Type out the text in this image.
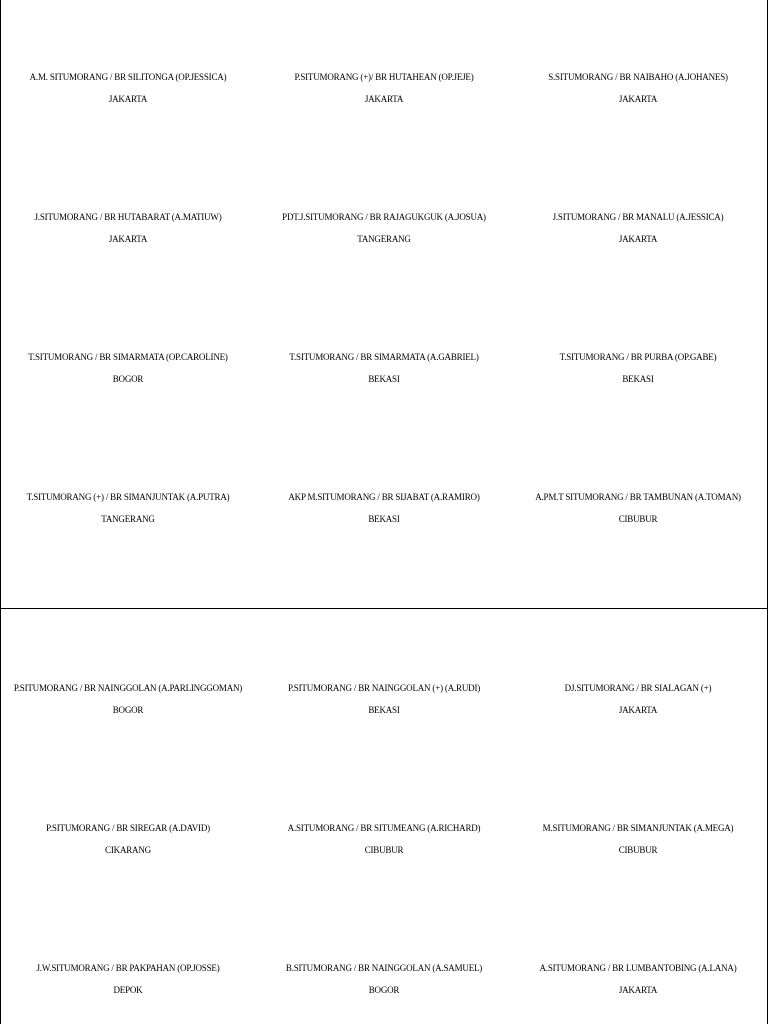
A.M. SITUMORANG / BR SILITONGA (OP.JESSICA)
JAKARTA
P.SITUMORANG (+)/ BR HUTAHEAN (OP.JEJE)
JAKARTA
S.SITUMORANG / BR NAIBAHO (A.JOHANES)
JAKARTA
J.SITUMORANG / BR HUTABARAT (A.MATIUW)
JAKARTA
PDT.J.SITUMORANG / BR RAJAGUKGUK (A.JOSUA)
TANGERANG
J.SITUMORANG / BR MANALU (A.JESSICA)
JAKARTA
T.SITUMORANG / BR SIMARMATA (OP.CAROLINE)
BOGOR
T.SITUMORANG / BR SIMARMATA (A.GABRIEL)
BEKASI
T.SITUMORANG / BR PURBA (OP.GABE)
BEKASI
T.SITUMORANG (+) / BR SIMANJUNTAK (A.PUTRA)
TANGERANG
AKP M.SITUMORANG / BR SIJABAT (A.RAMIRO)
BEKASI
A.PM.T SITUMORANG / BR TAMBUNAN (A.TOMAN)
CIBUBUR
P.SITUMORANG / BR NAINGGOLAN (A.PARLINGGOMAN)
BOGOR
P.SITUMORANG / BR NAINGGOLAN (+) (A.RUDI)
BEKASI
DJ.SITUMORANG / BR SIALAGAN (+)
JAKARTA
P.SITUMORANG / BR SIREGAR (A.DAVID)
CIKARANG
A.SITUMORANG / BR SITUMEANG (A.RICHARD)
CIBUBUR
M.SITUMORANG / BR SIMANJUNTAK (A.MEGA)
CIBUBUR
J.W.SITUMORANG / BR PAKPAHAN (OP.JOSSE)
DEPOK
B.SITUMORANG / BR NAINGGOLAN (A.SAMUEL)
BOGOR
A.SITUMORANG / BR LUMBANTOBING (A.LANA)
JAKARTA
